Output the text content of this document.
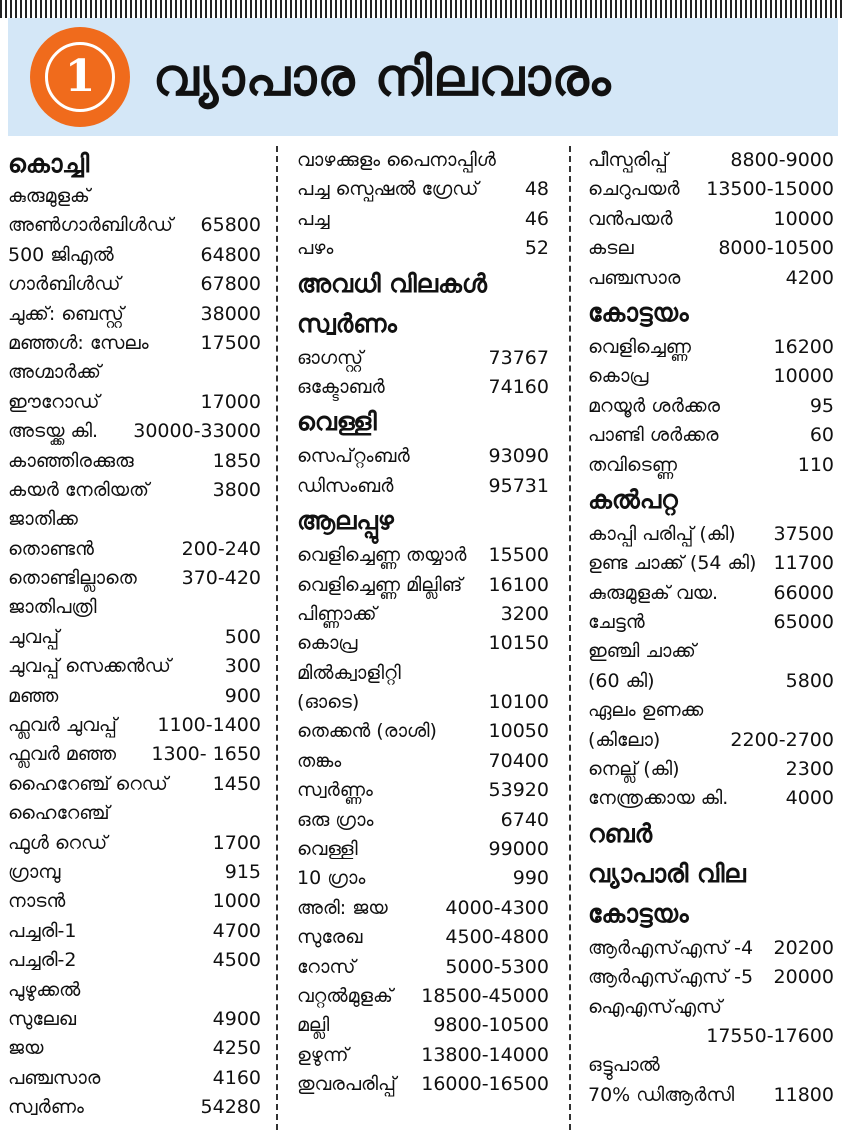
1	വ്യാപാര നിലവാരം
കൊച്ചി
കുരുമുളക്
അൺഗാർബിൾഡ്	65800
500 ജിഎൽ	64800
ഗാർബിൾഡ്	67800
ചുക്ക്: ബെസ്റ്റ്	38000
മഞ്ഞൾ: സേലം	17500
അഗ്മാർക്ക്
ഈറോഡ്	17000
അടയ്ക്ക കി.	30000-33000
കാഞ്ഞിരക്കുരു	1850
കയർ നേരിയത്	3800
ജാതിക്ക
തൊണ്ടൻ	200-240
തൊണ്ടില്ലാതെ	370-420
ജാതിപത്രി
ചുവപ്പ്	500
ചുവപ്പ് സെക്കൻഡ്	300
മഞ്ഞ	900
ഫ്ലവർ ചുവപ്പ്	1100-1400
ഫ്ലവർ മഞ്ഞ	1300- 1650
ഹൈറേഞ്ച് റെഡ്	1450
ഹൈറേഞ്ച്
ഫുൾ റെഡ്	1700
ഗ്രാമ്പു	915
നാടൻ	1000
പച്ചരി-1	4700
പച്ചരി-2	4500
പുഴുക്കൽ
സുലേഖ	4900
ജയ	4250
പഞ്ചസാര	4160
സ്വർണം	54280
വാഴക്കുളം പൈനാപ്പിൾ
പച്ച സ്പെഷൽ ഗ്രേഡ്	48
പച്ച	46
പഴം	52
അവധി വിലകൾ
സ്വർണം
ഓഗസ്റ്റ്	73767
ഒക്ടോബർ	74160
വെള്ളി
സെപ്റ്റംബർ	93090
ഡിസംബർ	95731
ആലപ്പുഴ
വെളിച്ചെണ്ണ തയ്യാർ	15500
വെളിച്ചെണ്ണ മില്ലിങ്	16100
പിണ്ണാക്ക്	3200
കൊപ്ര	10150
മിൽക്വാളിറ്റി
(ഓടെ)	10100
തെക്കൻ (രാശി)	10050
തങ്കം	70400
സ്വർണ്ണം	53920
ഒരു ഗ്രാം	6740
വെള്ളി	99000
10 ഗ്രാം	990
അരി: ജയ	4000-4300
സുരേഖ	4500-4800
റോസ്	5000-5300
വറ്റൽമുളക്	18500-45000
മല്ലി	9800-10500
ഉഴുന്ന്	13800-14000
തുവരപരിപ്പ്	16000-16500
പീസ്പരിപ്പ്	8800-9000
ചെറുപയർ	13500-15000
വൻപയർ	10000
കടല	8000-10500
പഞ്ചസാര	4200
കോട്ടയം
വെളിച്ചെണ്ണ	16200
കൊപ്ര	10000
മറയൂർ ശർക്കര	95
പാണ്ടി ശർക്കര	60
തവിടെണ്ണ	110
കൽപറ്റ
കാപ്പി പരിപ്പ് (കി)	37500
ഉണ്ട ചാക്ക് (54 കി) 11700
കുരുമുളക് വയ.	66000
ചേട്ടൻ	65000
ഇഞ്ചി ചാക്ക്
(60 കി)	5800
ഏലം ഉണക്ക
(കിലോ)	2200-2700
നെല്ല് (കി)	2300
നേന്ത്രക്കായ കി.	4000
റബർ
വ്യാപാരി വില
കോട്ടയം
ആർഎസ്എസ് -4	20200
ആർഎസ്എസ് -5	20000
ഐഎസ്എസ്
17550-17600
ഒട്ടുപാൽ
70% ഡിആർസി	11800
